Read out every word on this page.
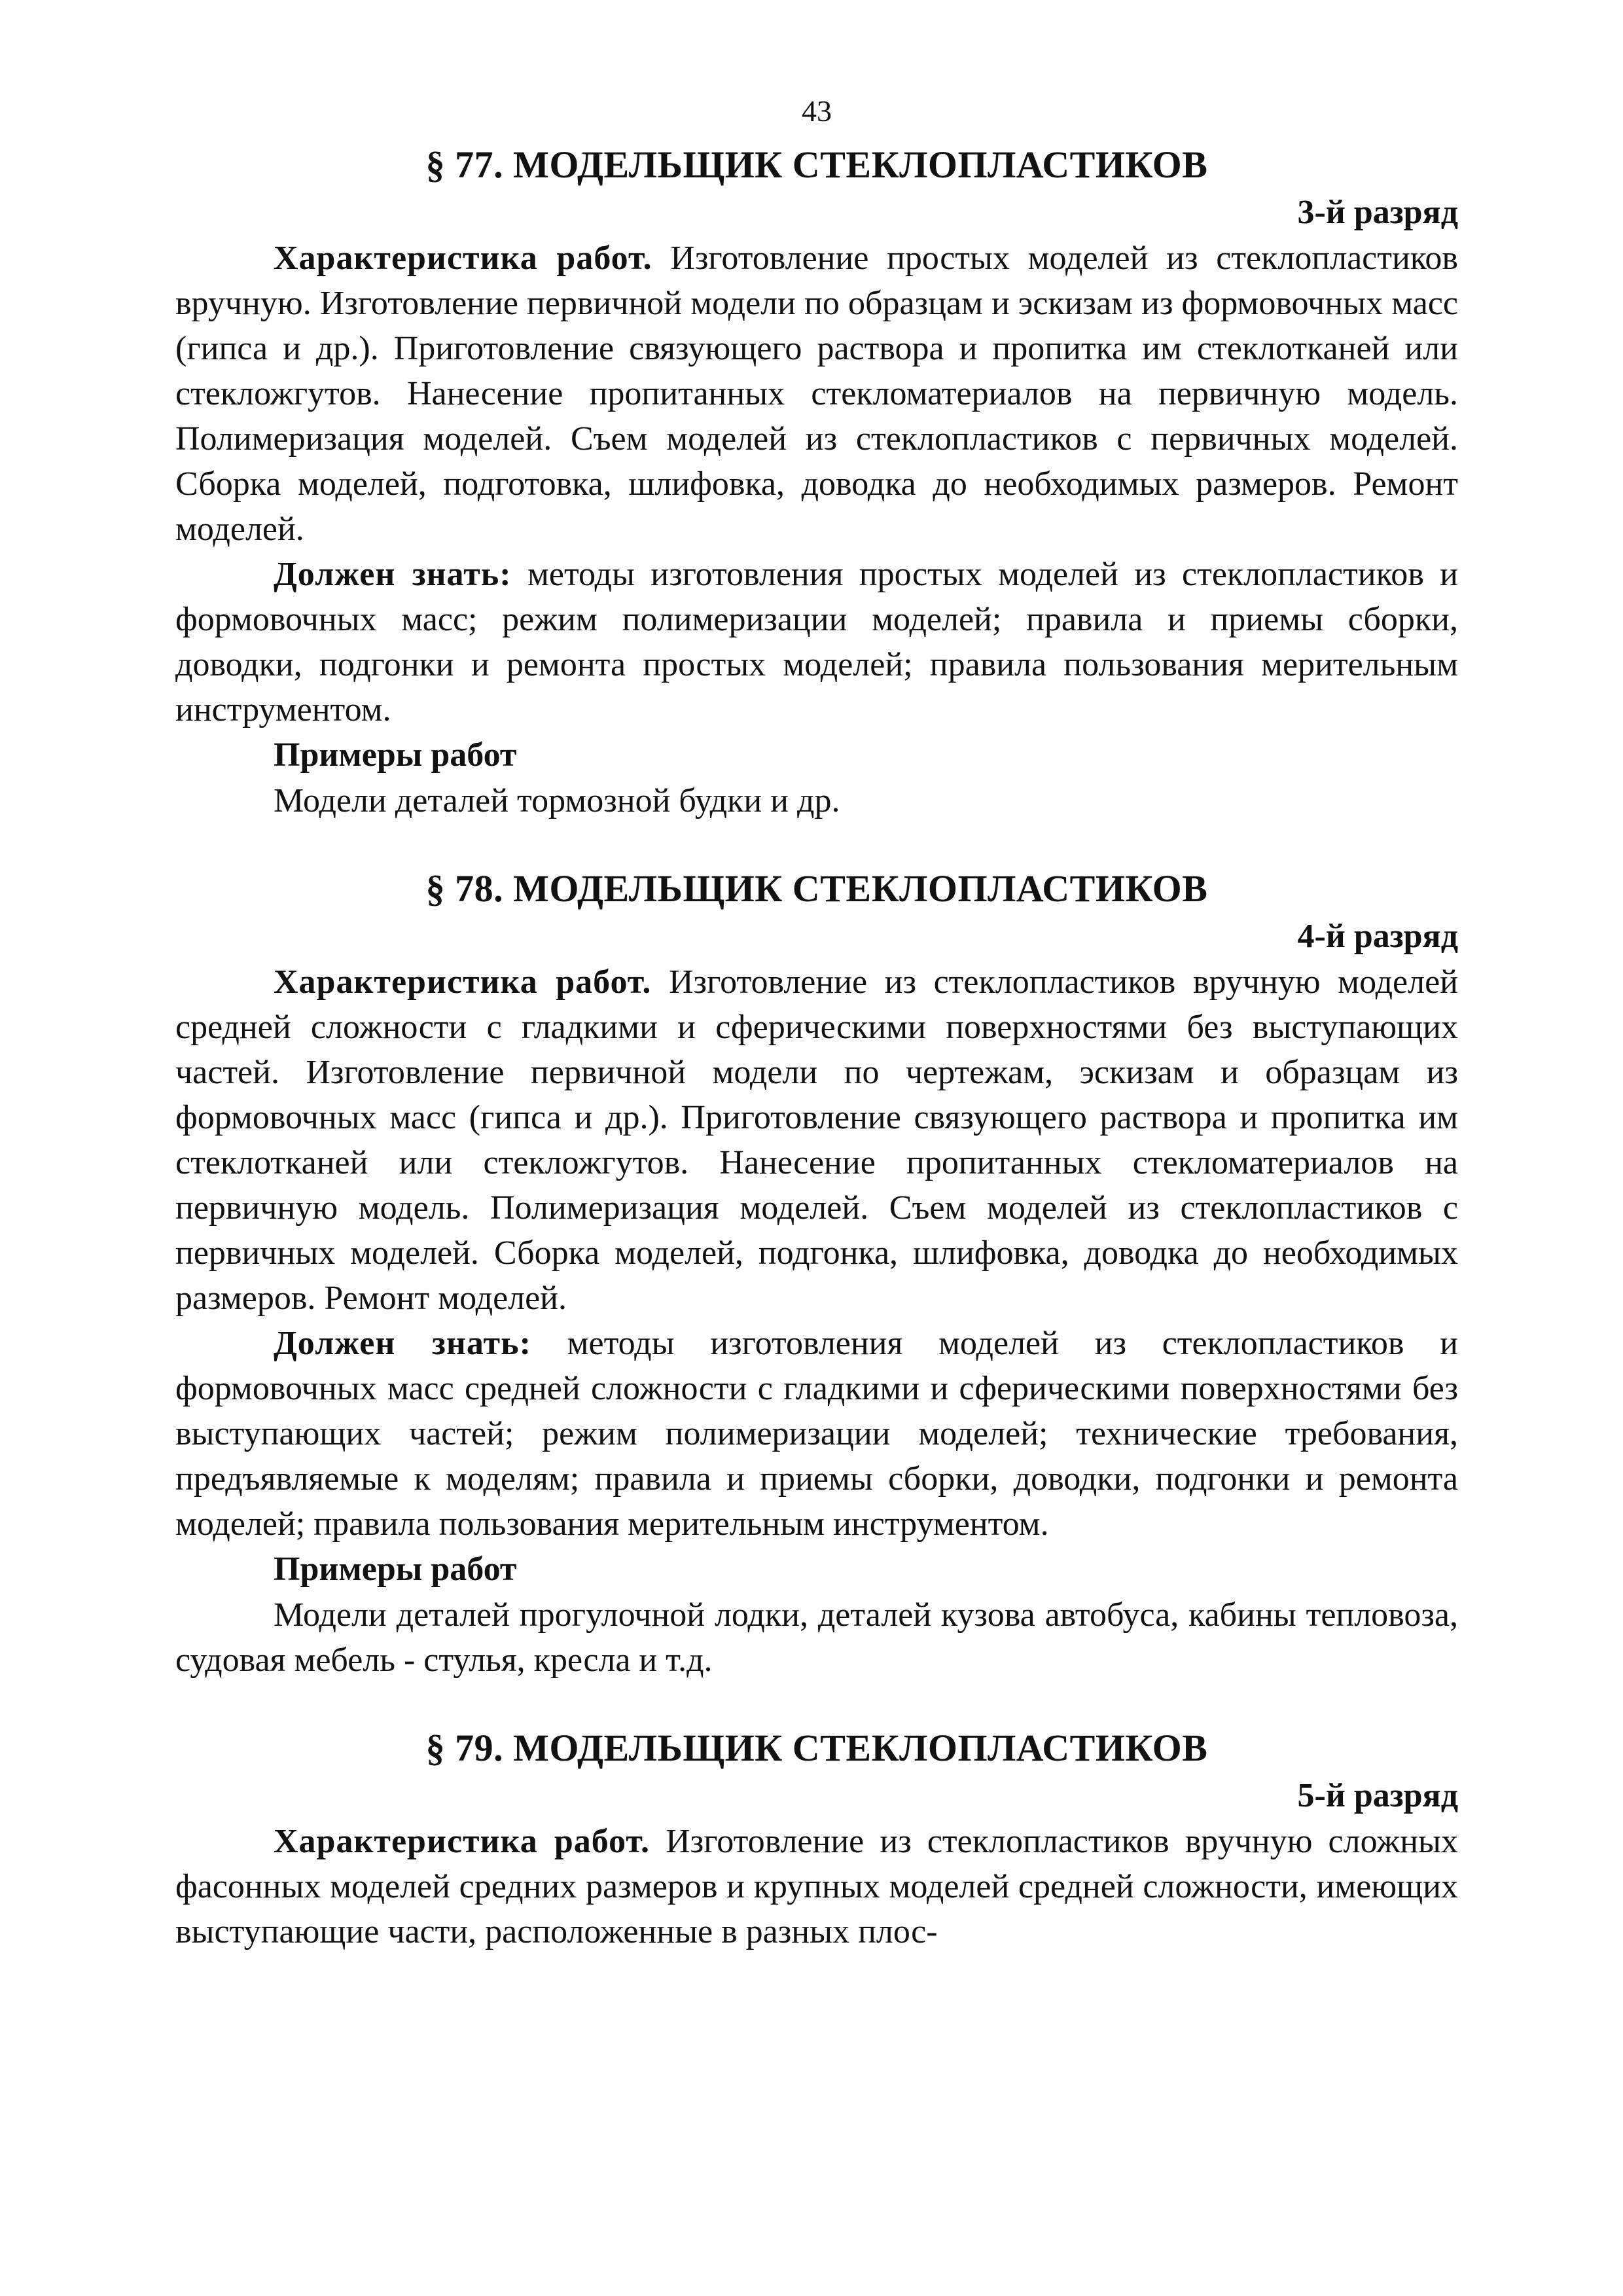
43
§ 77. МОДЕЛЬЩИК СТЕКЛОПЛАСТИКОВ
3-й разряд

Характеристика работ. Изготовление простых моделей из стеклопластиков вручную. Изготовление первичной модели по образцам и эскизам из формовочных масс (гипса и др.). Приготовление связующего раствора и пропитка им стеклотканей или стекложгутов. Нанесение пропитанных стекломатериалов на первичную модель. Полимеризация моделей. Съем моделей из стеклопластиков с первичных моделей. Сборка моделей, подготовка, шлифовка, доводка до необходимых размеров. Ремонт моделей.

Должен знать: методы изготовления простых моделей из стеклопластиков и формовочных масс; режим полимеризации моделей; правила и приемы сборки, доводки, подгонки и ремонта простых моделей; правила пользования мерительным инструментом.

Примеры работ

Модели деталей тормозной будки и др.

§ 78. МОДЕЛЬЩИК СТЕКЛОПЛАСТИКОВ
4-й разряд

Характеристика работ. Изготовление из стеклопластиков вручную моделей средней сложности с гладкими и сферическими поверхностями без выступающих частей. Изготовление первичной модели по чертежам, эскизам и образцам из формовочных масс (гипса и др.). Приготовление связующего раствора и пропитка им стеклотканей или стекложгутов. Нанесение пропитанных стекломатериалов на первичную модель. Полимеризация моделей. Съем моделей из стеклопластиков с первичных моделей. Сборка моделей, подгонка, шлифовка, доводка до необходимых размеров. Ремонт моделей.

Должен знать: методы изготовления моделей из стеклопластиков и формовочных масс средней сложности с гладкими и сферическими поверхностями без выступающих частей; режим полимеризации моделей; технические требования, предъявляемые к моделям; правила и приемы сборки, доводки, подгонки и ремонта моделей; правила пользования мерительным инструментом.

Примеры работ

Модели деталей прогулочной лодки, деталей кузова автобуса, кабины тепловоза, судовая мебель - стулья, кресла и т.д.

§ 79. МОДЕЛЬЩИК СТЕКЛОПЛАСТИКОВ
5-й разряд

Характеристика работ. Изготовление из стеклопластиков вручную сложных фасонных моделей средних размеров и крупных моделей средней сложности, имеющих выступающие части, расположенные в разных плос-
